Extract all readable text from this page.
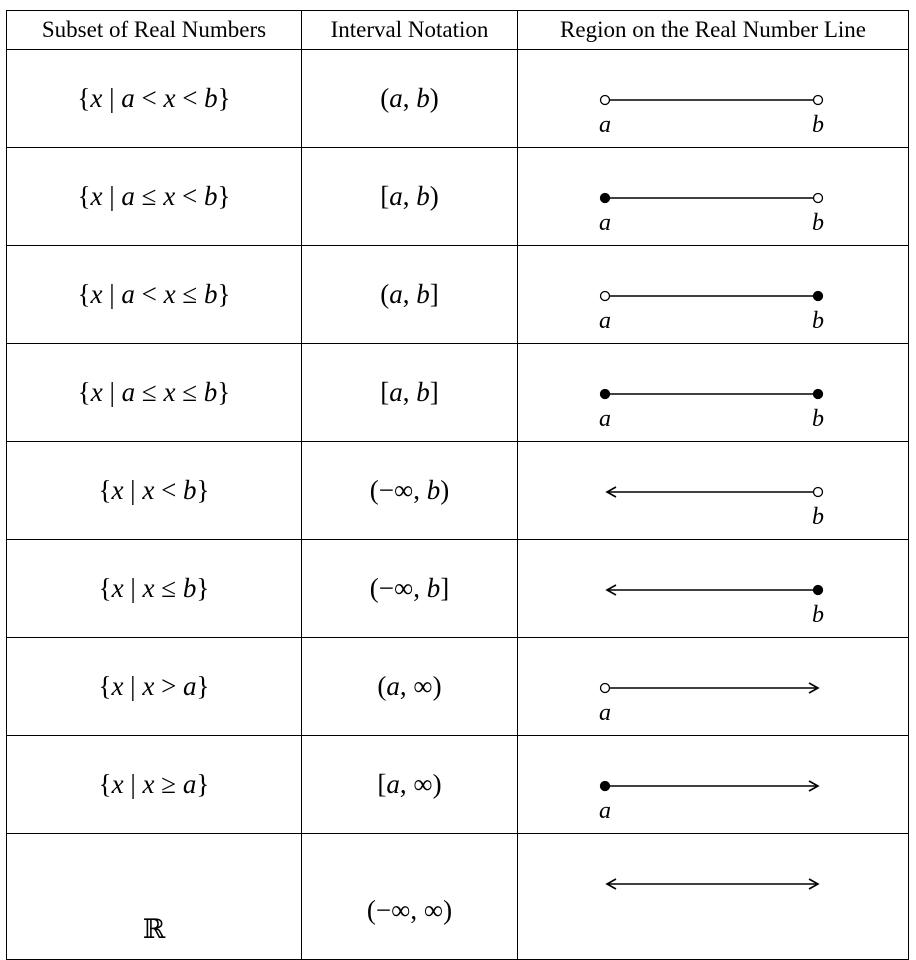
Subset of Real Numbers	Interval Notation	Region on the Real Number Line
{x | a < x < b}	(a, b)	a b

{x | a ≤ x < b}	[a, b)	a b

{x | a < x ≤ b}	(a, b]	a b

{x | a ≤ x ≤ b}	[a, b]	a b

{x | x < b}	(−∞, b)	b

{x | x ≤ b}	(−∞, b]	b

{x | x > a}	(a, ∞)	a

{x | x ≥ a}	[a, ∞)	a

ℝ	(−∞, ∞)	
